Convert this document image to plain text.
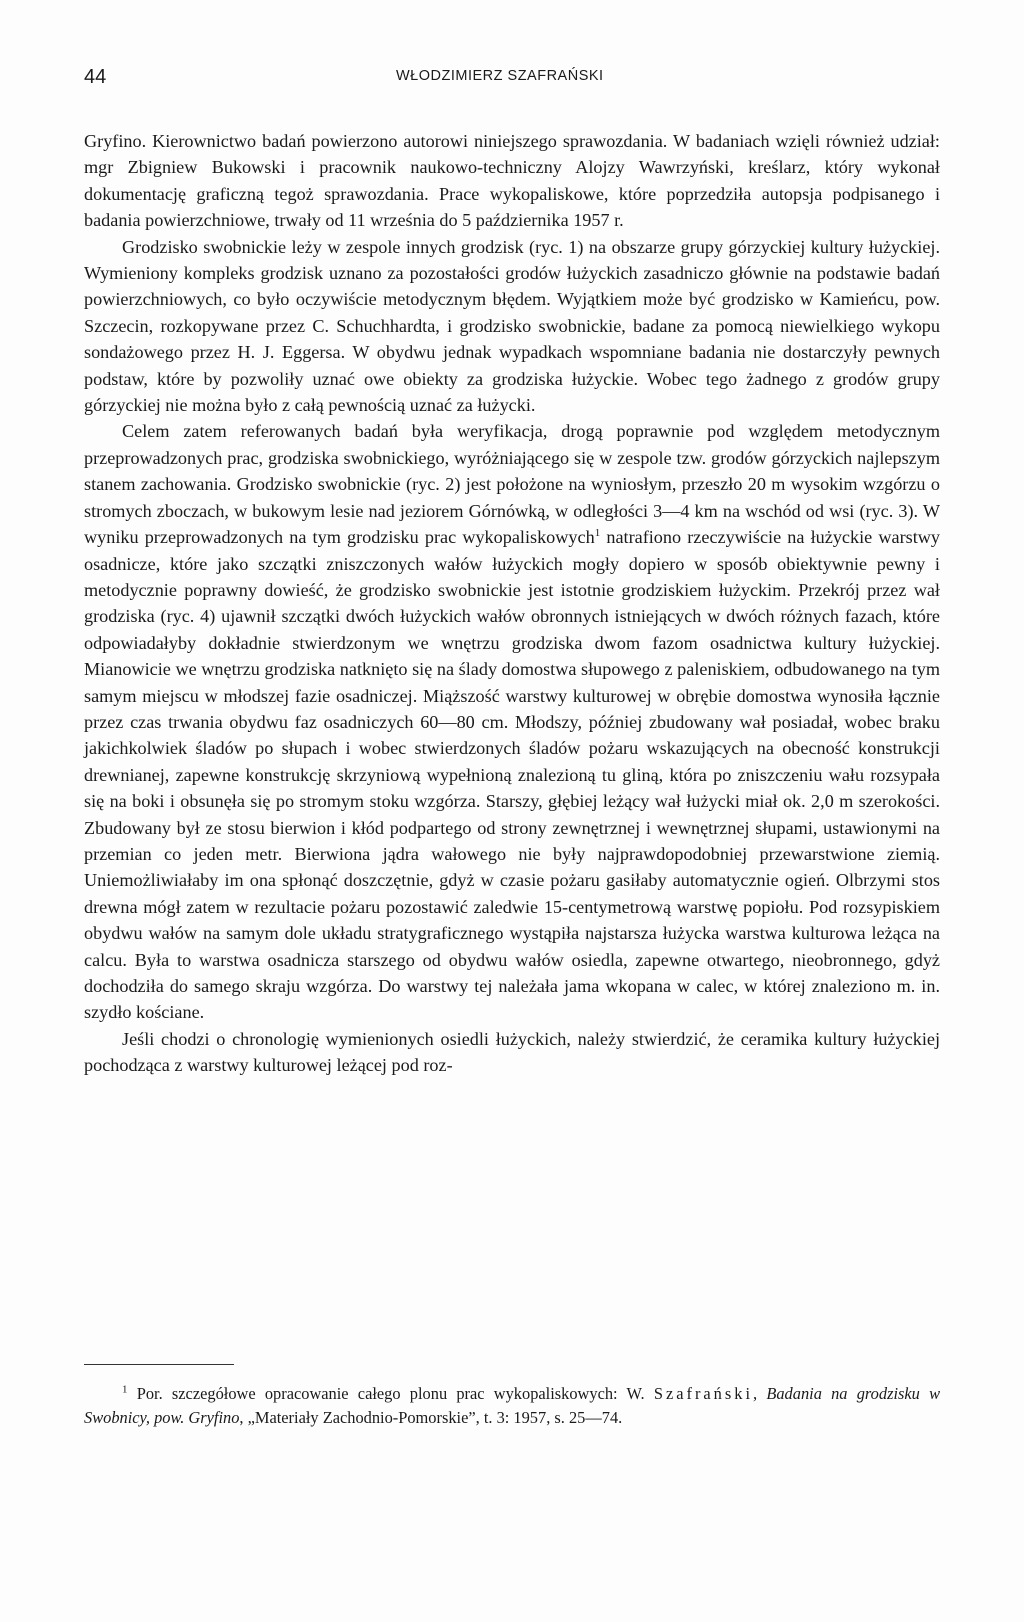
44	WŁODZIMIERZ SZAFRAŃSKI

Gryfino. Kierownictwo badań powierzono autorowi niniejszego sprawozdania. W badaniach wzięli również udział: mgr Zbigniew Bukowski i pracownik naukowo-techniczny Alojzy Wawrzyński, kreślarz, który wykonał dokumentację graficzną tegoż sprawozdania. Prace wykopaliskowe, które poprzedziła autopsja podpisanego i badania powierzchniowe, trwały od 11 września do 5 października 1957 r.

Grodzisko swobnickie leży w zespole innych grodzisk (ryc. 1) na obszarze grupy górzyckiej kultury łużyckiej. Wymieniony kompleks grodzisk uznano za pozostałości grodów łużyckich zasadniczo głównie na podstawie badań powierzchniowych, co było oczywiście metodycznym błędem. Wyjątkiem może być grodzisko w Kamieńcu, pow. Szczecin, rozkopywane przez C. Schuchhardta, i grodzisko swobnickie, badane za pomocą niewielkiego wykopu sondażowego przez H. J. Eggersa. W obydwu jednak wypadkach wspomniane badania nie dostarczyły pewnych podstaw, które by pozwoliły uznać owe obiekty za grodziska łużyckie. Wobec tego żadnego z grodów grupy górzyckiej nie można było z całą pewnością uznać za łużycki.

Celem zatem referowanych badań była weryfikacja, drogą poprawnie pod względem metodycznym przeprowadzonych prac, grodziska swobnickiego, wyróżniającego się w zespole tzw. grodów górzyckich najlepszym stanem zachowania. Grodzisko swobnickie (ryc. 2) jest położone na wyniosłym, przeszło 20 m wysokim wzgórzu o stromych zboczach, w bukowym lesie nad jeziorem Górnówką, w odległości 3—4 km na wschód od wsi (ryc. 3). W wyniku przeprowadzonych na tym grodzisku prac wykopaliskowych$^1$ natrafiono rzeczywiście na łużyckie warstwy osadnicze, które jako szczątki zniszczonych wałów łużyckich mogły dopiero w sposób obiektywnie pewny i metodycznie poprawny dowieść, że grodzisko swobnickie jest istotnie grodziskiem łużyckim. Przekrój przez wał grodziska (ryc. 4) ujawnił szczątki dwóch łużyckich wałów obronnych istniejących w dwóch różnych fazach, które odpowiadałyby dokładnie stwierdzonym we wnętrzu grodziska dwom fazom osadnictwa kultury łużyckiej. Mianowicie we wnętrzu grodziska natknięto się na ślady domostwa słupowego z paleniskiem, odbudowanego na tym samym miejscu w młodszej fazie osadniczej. Miąższość warstwy kulturowej w obrębie domostwa wynosiła łącznie przez czas trwania obydwu faz osadniczych 60—80 cm. Młodszy, później zbudowany wał posiadał, wobec braku jakichkolwiek śladów po słupach i wobec stwierdzonych śladów pożaru wskazujących na obecność konstrukcji drewnianej, zapewne konstrukcję skrzyniową wypełnioną znalezioną tu gliną, która po zniszczeniu wału rozsypała się na boki i obsunęła się po stromym stoku wzgórza. Starszy, głębiej leżący wał łużycki miał ok. 2,0 m szerokości. Zbudowany był ze stosu bierwion i kłód podpartego od strony zewnętrznej i wewnętrznej słupami, ustawionymi na przemian co jeden metr. Bierwiona jądra wałowego nie były najprawdopodobniej przewarstwione ziemią. Uniemożliwiałaby im ona spłonąć doszczętnie, gdyż w czasie pożaru gasiłaby automatycznie ogień. Olbrzymi stos drewna mógł zatem w rezultacie pożaru pozostawić zaledwie 15-centymetrową warstwę popiołu. Pod rozsypiskiem obydwu wałów na samym dole układu stratygraficznego wystąpiła najstarsza łużycka warstwa kulturowa leżąca na calcu. Była to warstwa osadnicza starszego od obydwu wałów osiedla, zapewne otwartego, nieobronnego, gdyż dochodziła do samego skraju wzgórza. Do warstwy tej należała jama wkopana w calec, w której znaleziono m. in. szydło kościane.

Jeśli chodzi o chronologię wymienionych osiedli łużyckich, należy stwierdzić, że ceramika kultury łużyckiej pochodząca z warstwy kulturowej leżącej pod roz-

$^1$ Por. szczegółowe opracowanie całego plonu prac wykopaliskowych: W. Szafrański, Badania na grodzisku w Swobnicy, pow. Gryfino, „Materiały Zachodnio-Pomorskie”, t. 3: 1957, s. 25—74.
